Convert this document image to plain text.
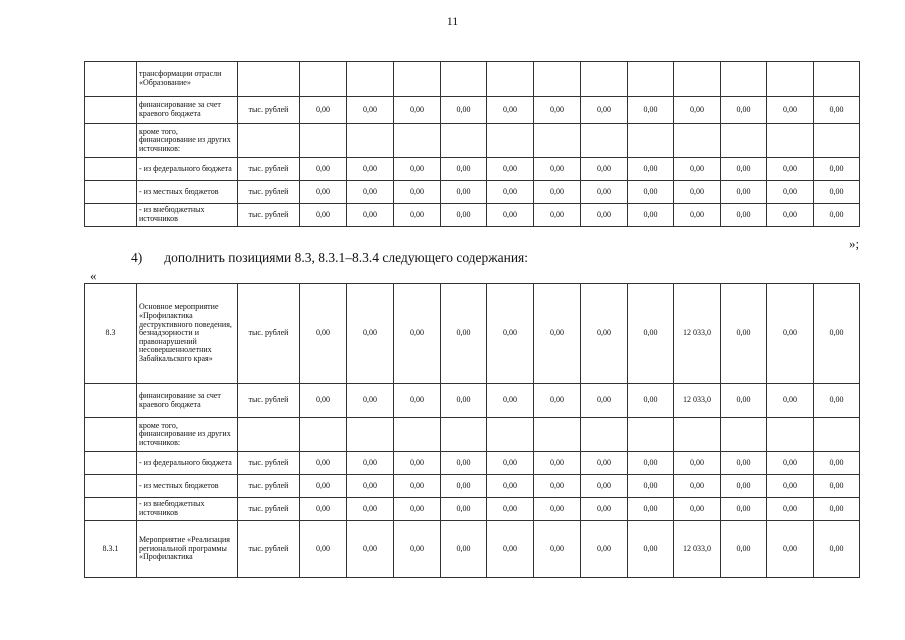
11
	трансформации отрасли «Образование»													
	финансирование за счет краевого бюджета	тыс. рублей	0,00	0,00	0,00	0,00	0,00	0,00	0,00	0,00	0,00	0,00	0,00	0,00
	кроме того, финансирование из других источников:													
	- из федерального бюджета	тыс. рублей	0,00	0,00	0,00	0,00	0,00	0,00	0,00	0,00	0,00	0,00	0,00	0,00
	- из местных бюджетов	тыс. рублей	0,00	0,00	0,00	0,00	0,00	0,00	0,00	0,00	0,00	0,00	0,00	0,00
	- из внебюджетных источников	тыс. рублей	0,00	0,00	0,00	0,00	0,00	0,00	0,00	0,00	0,00	0,00	0,00	0,00
»;
4) дополнить позициями 8.3, 8.3.1–8.3.4 следующего содержания:
«
8.3	Основное мероприятие «Профилактика деструктивного поведения, безнадзорности и правонарушений несовершеннолетних Забайкальского края»	тыс. рублей	0,00	0,00	0,00	0,00	0,00	0,00	0,00	0,00	12 033,0	0,00	0,00	0,00
	финансирование за счет краевого бюджета	тыс. рублей	0,00	0,00	0,00	0,00	0,00	0,00	0,00	0,00	12 033,0	0,00	0,00	0,00
	кроме того, финансирование из других источников:													
	- из федерального бюджета	тыс. рублей	0,00	0,00	0,00	0,00	0,00	0,00	0,00	0,00	0,00	0,00	0,00	0,00
	- из местных бюджетов	тыс. рублей	0,00	0,00	0,00	0,00	0,00	0,00	0,00	0,00	0,00	0,00	0,00	0,00
	- из внебюджетных источников	тыс. рублей	0,00	0,00	0,00	0,00	0,00	0,00	0,00	0,00	0,00	0,00	0,00	0,00
8.3.1	Мероприятие «Реализация региональной программы «Профилактика	тыс. рублей	0,00	0,00	0,00	0,00	0,00	0,00	0,00	0,00	12 033,0	0,00	0,00	0,00
